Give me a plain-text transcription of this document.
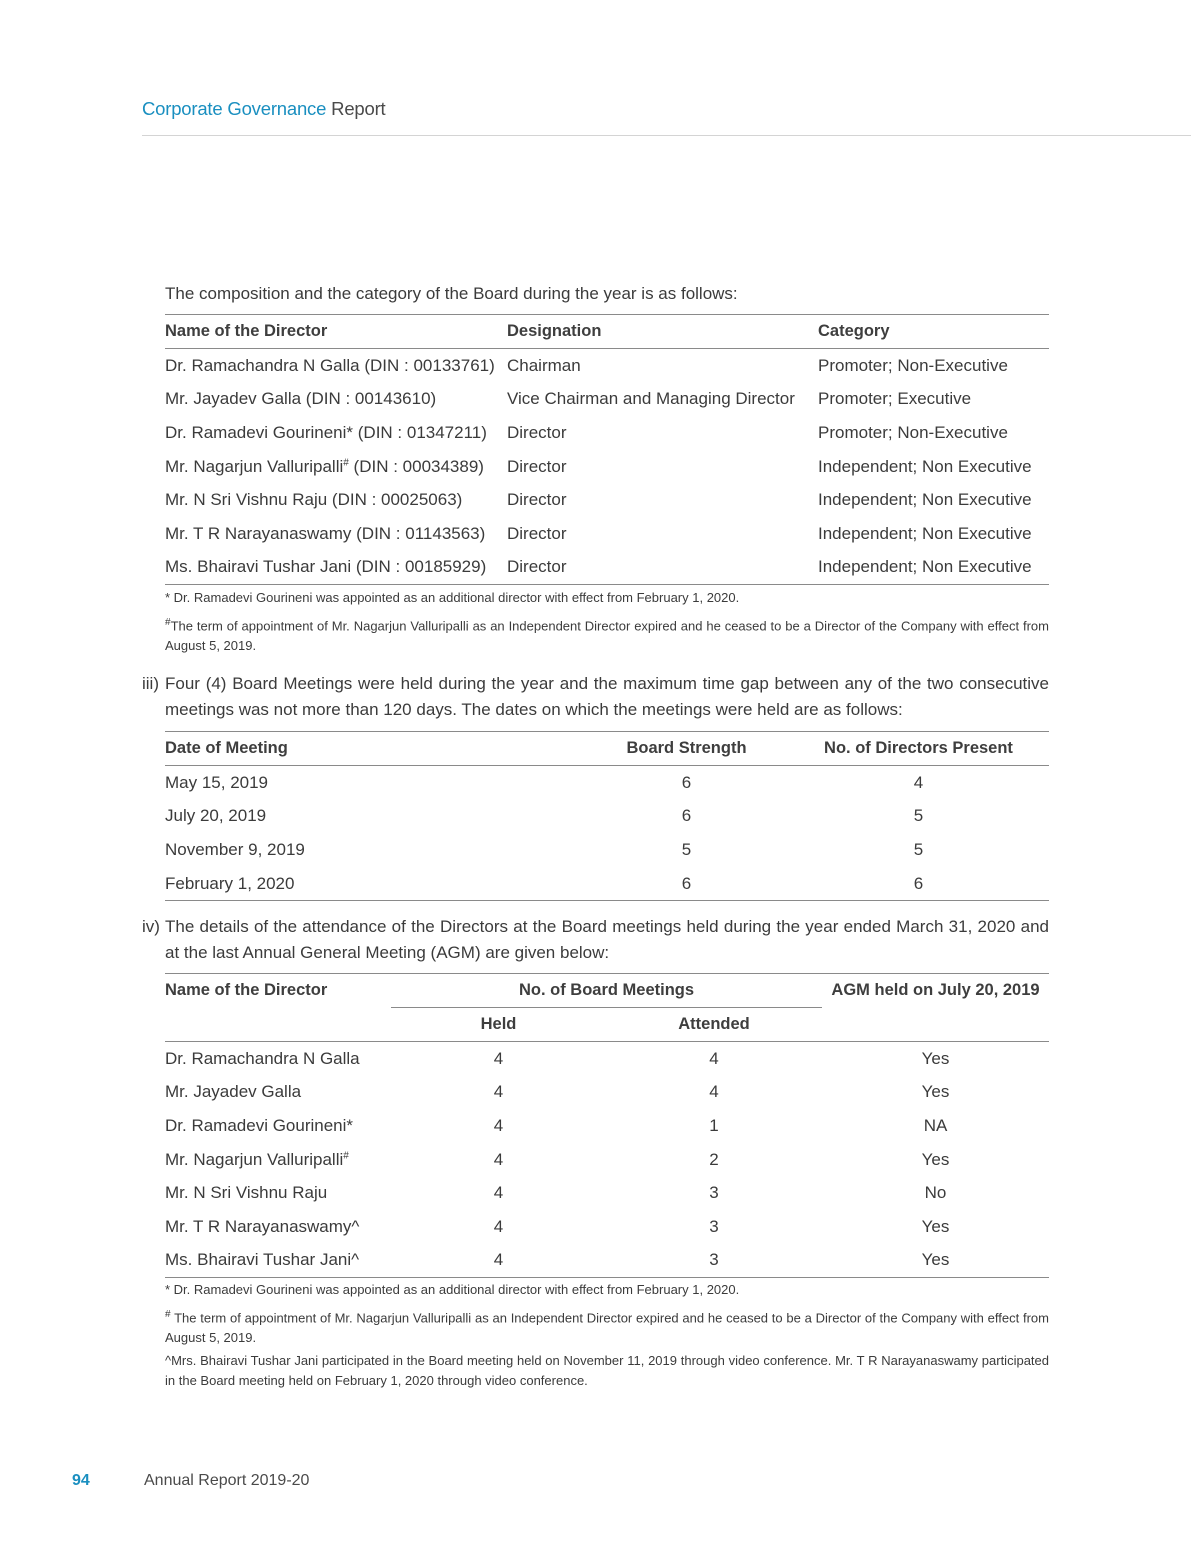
Corporate Governance Report
The composition and the category of the Board during the year is as follows:
Name of the Director	Designation	Category
Dr. Ramachandra N Galla (DIN : 00133761)	Chairman	Promoter; Non-Executive
Mr. Jayadev Galla (DIN : 00143610)	Vice Chairman and Managing Director	Promoter; Executive
Dr. Ramadevi Gourineni* (DIN : 01347211)	Director	Promoter; Non-Executive
Mr. Nagarjun Valluripalli# (DIN : 00034389)	Director	Independent; Non Executive
Mr. N Sri Vishnu Raju (DIN : 00025063)	Director	Independent; Non Executive
Mr. T R Narayanaswamy (DIN : 01143563)	Director	Independent; Non Executive
Ms. Bhairavi Tushar Jani (DIN : 00185929)	Director	Independent; Non Executive
* Dr. Ramadevi Gourineni was appointed as an additional director with effect from February 1, 2020.
#The term of appointment of Mr. Nagarjun Valluripalli as an Independent Director expired and he ceased to be a Director of the Company with effect from August 5, 2019.
iii) Four (4) Board Meetings were held during the year and the maximum time gap between any of the two consecutive meetings was not more than 120 days. The dates on which the meetings were held are as follows:
Date of Meeting	Board Strength	No. of Directors Present
May 15, 2019	6	4
July 20, 2019	6	5
November 9, 2019	5	5
February 1, 2020	6	6
iv) The details of the attendance of the Directors at the Board meetings held during the year ended March 31, 2020 and at the last Annual General Meeting (AGM) are given below:
Name of the Director	No. of Board Meetings		AGM held on July 20, 2019
	Held	Attended	
Dr. Ramachandra N Galla	4	4	Yes
Mr. Jayadev Galla	4	4	Yes
Dr. Ramadevi Gourineni*	4	1	NA
Mr. Nagarjun Valluripalli#	4	2	Yes
Mr. N Sri Vishnu Raju	4	3	No
Mr. T R Narayanaswamy^	4	3	Yes
Ms. Bhairavi Tushar Jani^	4	3	Yes
* Dr. Ramadevi Gourineni was appointed as an additional director with effect from February 1, 2020.
# The term of appointment of Mr. Nagarjun Valluripalli as an Independent Director expired and he ceased to be a Director of the Company with effect from August 5, 2019.
^Mrs. Bhairavi Tushar Jani participated in the Board meeting held on November 11, 2019 through video conference. Mr. T R Narayanaswamy participated in the Board meeting held on February 1, 2020 through video conference.
94	Annual Report 2019-20
